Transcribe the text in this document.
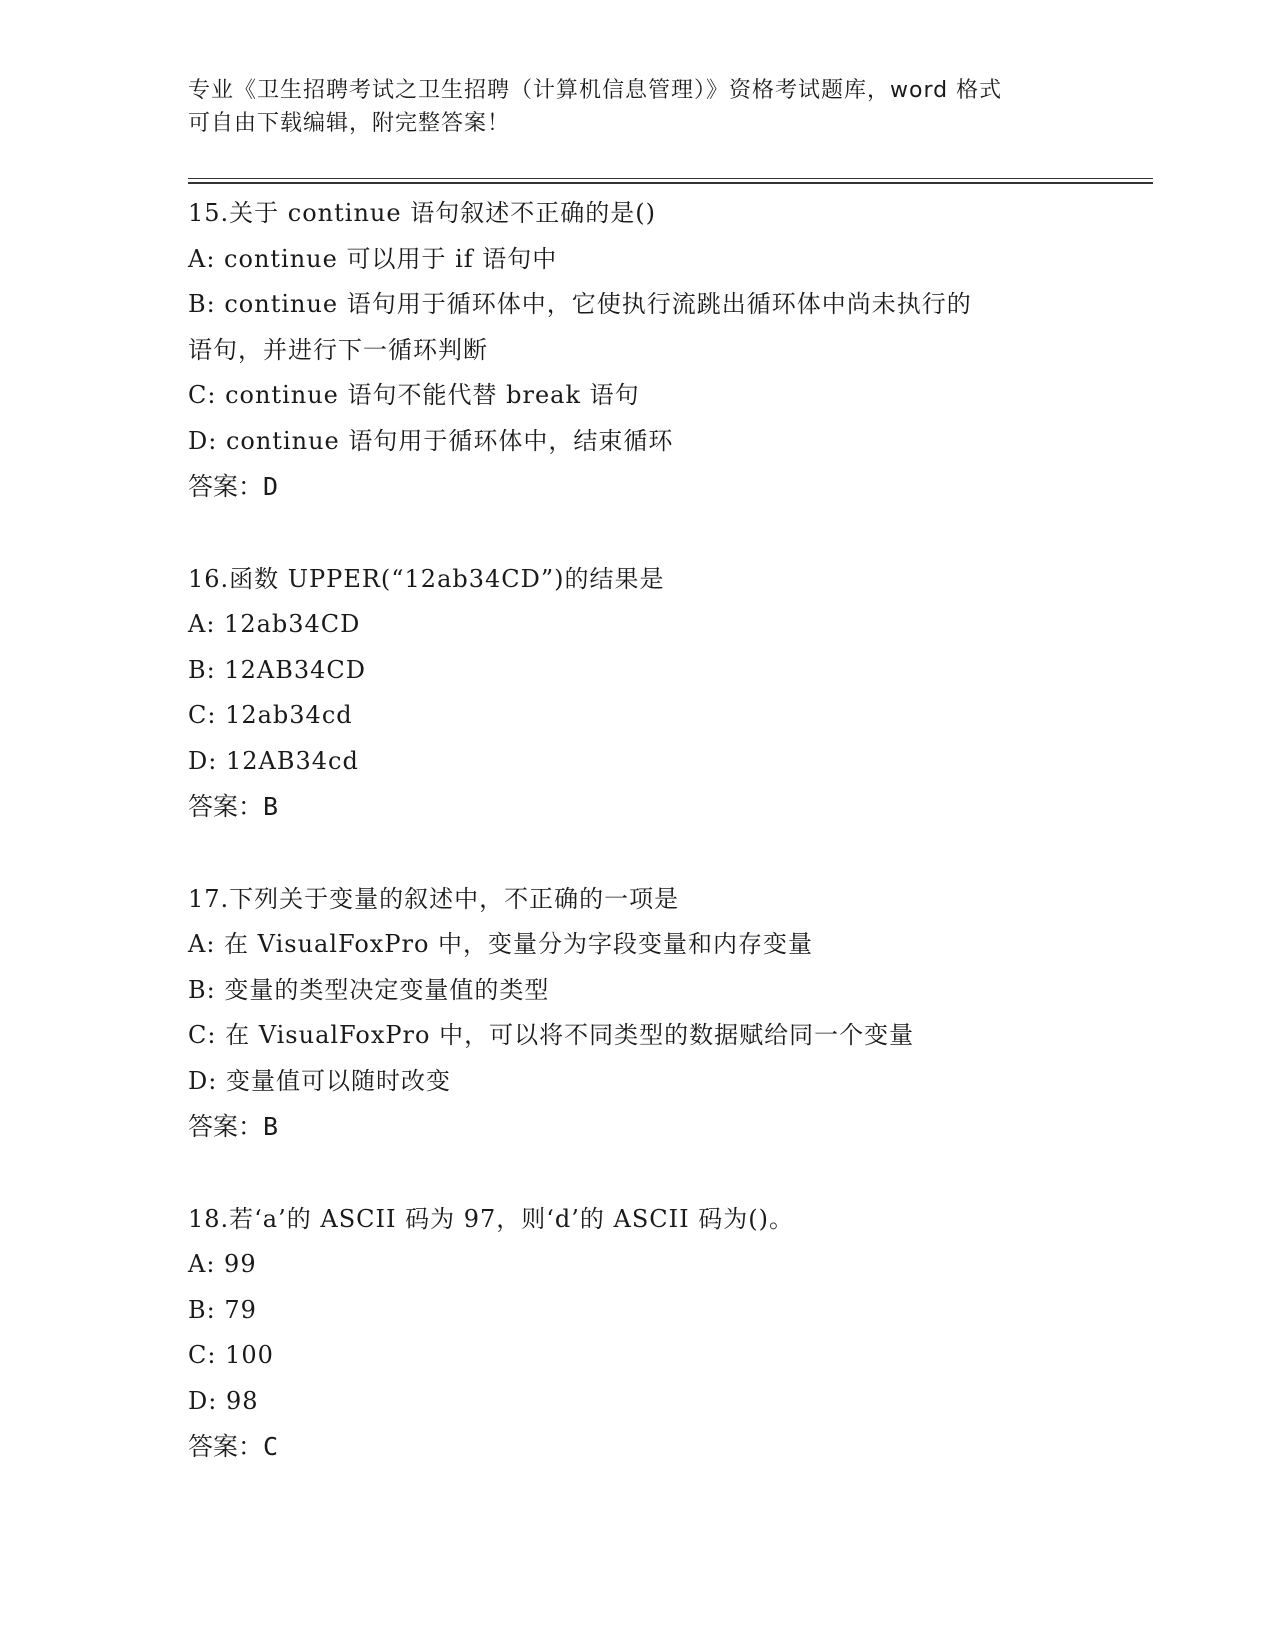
专业《卫生招聘考试之卫生招聘（计算机信息管理）》资格考试题库，word 格式
可自由下载编辑，附完整答案！
15.关于 continue 语句叙述不正确的是()
A: continue 可以用于 if 语句中
B: continue 语句用于循环体中，它使执行流跳出循环体中尚未执行的
语句，并进行下一循环判断
C: continue 语句不能代替 break 语句
D: continue 语句用于循环体中，结束循环
答案：D
16.函数 UPPER(“12ab34CD”)的结果是
A: 12ab34CD
B: 12AB34CD
C: 12ab34cd
D: 12AB34cd
答案：B
17.下列关于变量的叙述中，不正确的一项是
A: 在 VisualFoxPro 中，变量分为字段变量和内存变量
B: 变量的类型决定变量值的类型
C: 在 VisualFoxPro 中，可以将不同类型的数据赋给同一个变量
D: 变量值可以随时改变
答案：B
18.若‘a’的 ASCII 码为 97，则‘d’的 ASCII 码为()。
A: 99
B: 79
C: 100
D: 98
答案：C
